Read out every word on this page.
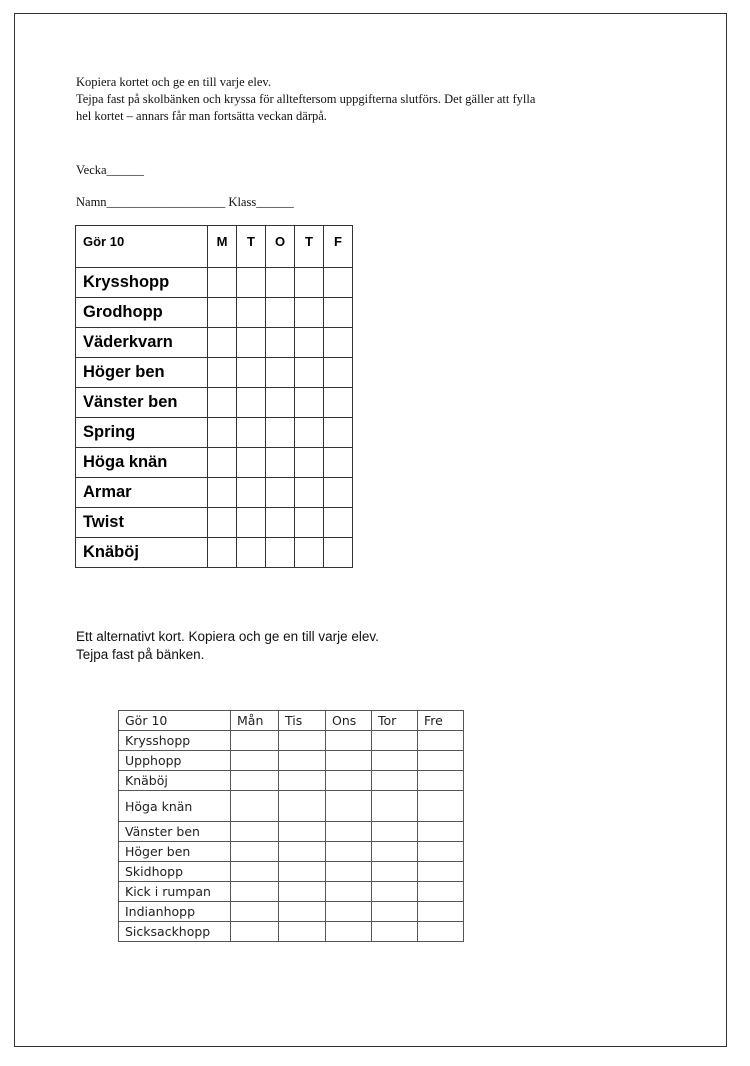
Kopiera kortet och ge en till varje elev.
Tejpa fast på skolbänken och kryssa för allteftersom uppgifterna slutförs. Det gäller att fylla
hel kortet – annars får man fortsätta veckan därpå.
Vecka______
Namn___________________ Klass______
Gör 10	M	T	O	T	F
Krysshopp					
Grodhopp					
Väderkvarn					
Höger ben					
Vänster ben					
Spring					
Höga knän					
Armar					
Twist					
Knäböj					
Ett alternativt kort. Kopiera och ge en till varje elev.
Tejpa fast på bänken.
Gör 10	Mån	Tis	Ons	Tor	Fre
Krysshopp					
Upphopp					
Knäböj					
Höga knän					
Vänster ben					
Höger ben					
Skidhopp					
Kick i rumpan					
Indianhopp					
Sicksackhopp					
